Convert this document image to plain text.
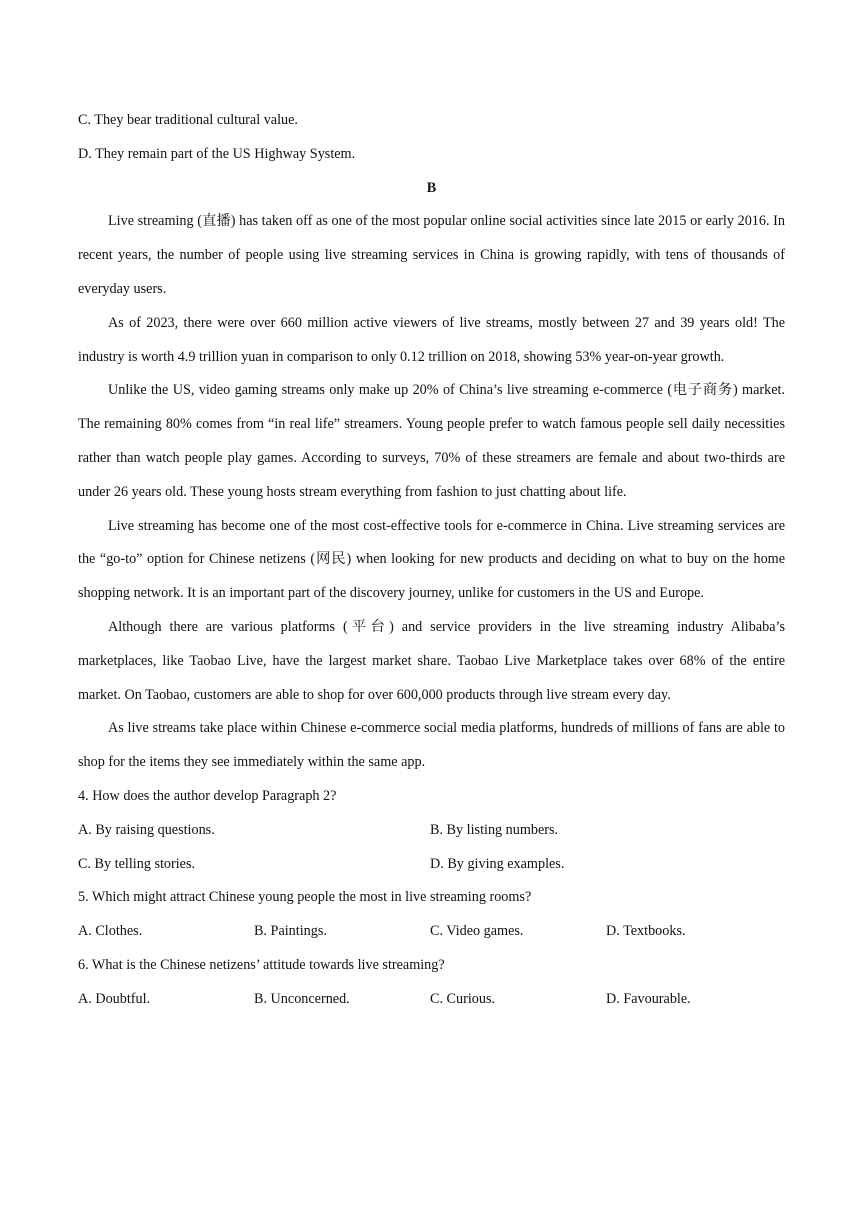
C. They bear traditional cultural value.

D. They remain part of the US Highway System.

B

Live streaming (直播) has taken off as one of the most popular online social activities since late 2015 or early 2016. In recent years, the number of people using live streaming services in China is growing rapidly, with tens of thousands of everyday users.

As of 2023, there were over 660 million active viewers of live streams, mostly between 27 and 39 years old! The industry is worth 4.9 trillion yuan in comparison to only 0.12 trillion on 2018, showing 53% year-on-year growth.

Unlike the US, video gaming streams only make up 20% of China’s live streaming e-commerce (电子商务) market. The remaining 80% comes from “in real life” streamers. Young people prefer to watch famous people sell daily necessities rather than watch people play games. According to surveys, 70% of these streamers are female and about two-thirds are under 26 years old. These young hosts stream everything from fashion to just chatting about life.

Live streaming has become one of the most cost-effective tools for e-commerce in China. Live streaming services are the “go-to” option for Chinese netizens (网民) when looking for new products and deciding on what to buy on the home shopping network. It is an important part of the discovery journey, unlike for customers in the US and Europe.

Although there are various platforms (平台) and service providers in the live streaming industry Alibaba’s marketplaces, like Taobao Live, have the largest market share. Taobao Live Marketplace takes over 68% of the entire market. On Taobao, customers are able to shop for over 600,000 products through live stream every day.

As live streams take place within Chinese e-commerce social media platforms, hundreds of millions of fans are able to shop for the items they see immediately within the same app.

4. How does the author develop Paragraph 2?

A. By raising questions.	B. By listing numbers.
C. By telling stories.	D. By giving examples.

5. Which might attract Chinese young people the most in live streaming rooms?

A. Clothes.	B. Paintings.	C. Video games.	D. Textbooks.

6. What is the Chinese netizens’ attitude towards live streaming?

A. Doubtful.	B. Unconcerned.	C. Curious.	D. Favourable.
